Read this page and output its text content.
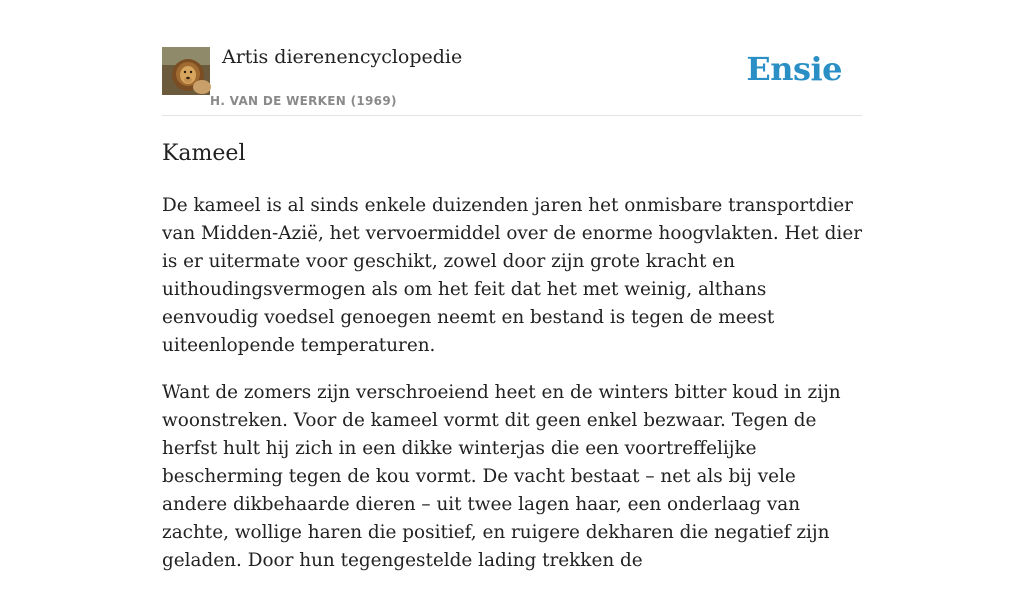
Artis dierenencyclopedie
H. VAN DE WERKEN (1969)
Ensie
Kameel

De kameel is al sinds enkele duizenden jaren het onmisbare transportdier van Midden-Azië, het vervoermiddel over de enorme hoogvlakten. Het dier is er uitermate voor geschikt, zowel door zijn grote kracht en uithoudingsvermogen als om het feit dat het met weinig, althans eenvoudig voedsel genoegen neemt en bestand is tegen de meest uiteenlopende temperaturen.

Want de zomers zijn verschroeiend heet en de winters bitter koud in zijn woonstreken. Voor de kameel vormt dit geen enkel bezwaar. Tegen de herfst hult hij zich in een dikke winterjas die een voortreffelijke bescherming tegen de kou vormt. De vacht bestaat – net als bij vele andere dikbehaarde dieren – uit twee lagen haar, een onderlaag van zachte, wollige haren die positief, en ruigere dekharen die negatief zijn geladen. Door hun tegengestelde lading trekken de
